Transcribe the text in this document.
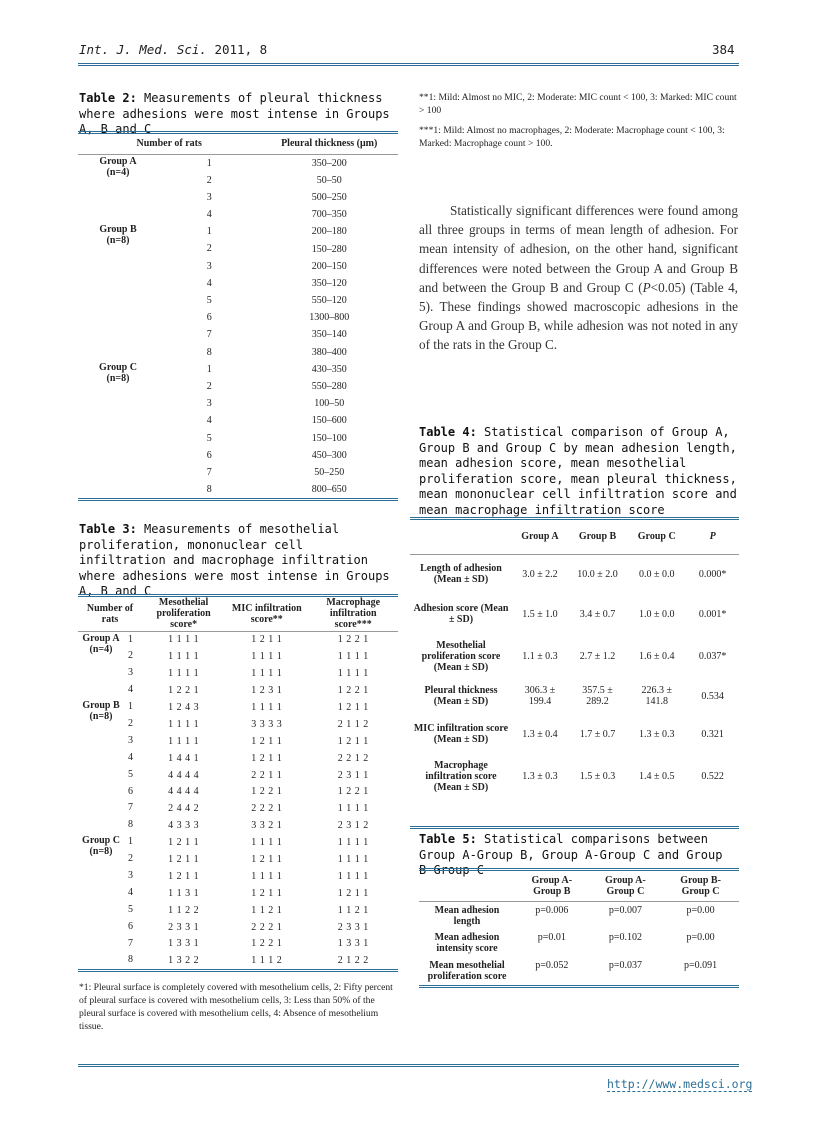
Int. J. Med. Sci. 2011, 8	384
Table 2: Measurements of pleural thickness where adhesions were most intense in Groups A, B and C
Number of rats	Pleural thickness (μm)

Group A
(n=4)
1	350–200

2	50–50

3	500–250

4	700–350

Group B
(n=8)
1	200–180

2	150–280

3	200–150

4	350–120

5	550–120

6	1300–800

7	350–140

8	380–400

Group C
(n=8)
1	430–350

2	550–280

3	100–50

4	150–600

5	150–100

6	450–300

7	50–250

8	800–650
Table 3: Measurements of mesothelial proliferation, mononuclear cell infiltration and macrophage infiltration where adhesions were most intense in Groups A, B and C
Number of rats	Mesothelial proliferation score*	MIC infiltration score**	Macrophage infiltration score***

Group A
(n=4)
1	1 1 1 1	1 2 1 1	1 2 2 1

2	1 1 1 1	1 1 1 1	1 1 1 1

3	1 1 1 1	1 1 1 1	1 1 1 1

4	1 2 2 1	1 2 3 1	1 2 2 1

Group B
(n=8)
1	1 2 4 3	1 1 1 1	1 2 1 1

2	1 1 1 1	3 3 3 3	2 1 1 2

3	1 1 1 1	1 2 1 1	1 2 1 1

4	1 4 4 1	1 2 1 1	2 2 1 2

5	4 4 4 4	2 2 1 1	2 3 1 1

6	4 4 4 4	1 2 2 1	1 2 2 1

7	2 4 4 2	2 2 2 1	1 1 1 1

8	4 3 3 3	3 3 2 1	2 3 1 2

Group C
(n=8)
1	1 2 1 1	1 1 1 1	1 1 1 1

2	1 2 1 1	1 2 1 1	1 1 1 1

3	1 2 1 1	1 1 1 1	1 1 1 1

4	1 1 3 1	1 2 1 1	1 2 1 1

5	1 1 2 2	1 1 2 1	1 1 2 1

6	2 3 3 1	2 2 2 1	2 3 3 1

7	1 3 3 1	1 2 2 1	1 3 3 1

8	1 3 2 2	1 1 1 2	2 1 2 2
*1: Pleural surface is completely covered with mesothelium cells, 2: Fifty percent of pleural surface is covered with mesothelium cells, 3: Less than 50% of the pleural surface is covered with mesothelium cells, 4: Absence of mesothelium tissue.
**1: Mild: Almost no MIC, 2: Moderate: MIC count < 100, 3: Marked: MIC count > 100
***1: Mild: Almost no macrophages, 2: Moderate: Macrophage count < 100, 3: Marked: Macrophage count > 100.

Statistically significant differences were found among all three groups in terms of mean length of adhesion. For mean intensity of adhesion, on the other hand, significant differences were noted between the Group A and Group B and between the Group B and Group C (P<0.05) (Table 4, 5). These findings showed macroscopic adhesions in the Group A and Group B, while adhesion was not noted in any of the rats in the Group C.

Table 4: Statistical comparison of Group A, Group B and Group C by mean adhesion length, mean adhesion score, mean mesothelial proliferation score, mean pleural thickness, mean mononuclear cell infiltration score and mean macrophage infiltration score
	Group A	Group B	Group C	P
Length of adhesion (Mean ± SD)	3.0 ± 2.2	10.0 ± 2.0	0.0 ± 0.0	0.000*
Adhesion score (Mean ± SD)	1.5 ± 1.0	3.4 ± 0.7	1.0 ± 0.0	0.001*
Mesothelial proliferation score (Mean ± SD)	1.1 ± 0.3	2.7 ± 1.2	1.6 ± 0.4	0.037*
Pleural thickness (Mean ± SD)	306.3 ± 199.4	357.5 ± 289.2	226.3 ± 141.8	0.534
MIC infiltration score (Mean ± SD)	1.3 ± 0.4	1.7 ± 0.7	1.3 ± 0.3	0.321
Macrophage infiltration score (Mean ± SD)	1.3 ± 0.3	1.5 ± 0.3	1.4 ± 0.5	0.522

Table 5: Statistical comparisons between Group A-Group B, Group A-Group C and Group B-Group C
	Group A-Group B	Group A-Group C	Group B-Group C
Mean adhesion length	p=0.006	p=0.007	p=0.00
Mean adhesion intensity score	p=0.01	p=0.102	p=0.00
Mean mesothelial proliferation score	p=0.052	p=0.037	p=0.091
http://www.medsci.org
